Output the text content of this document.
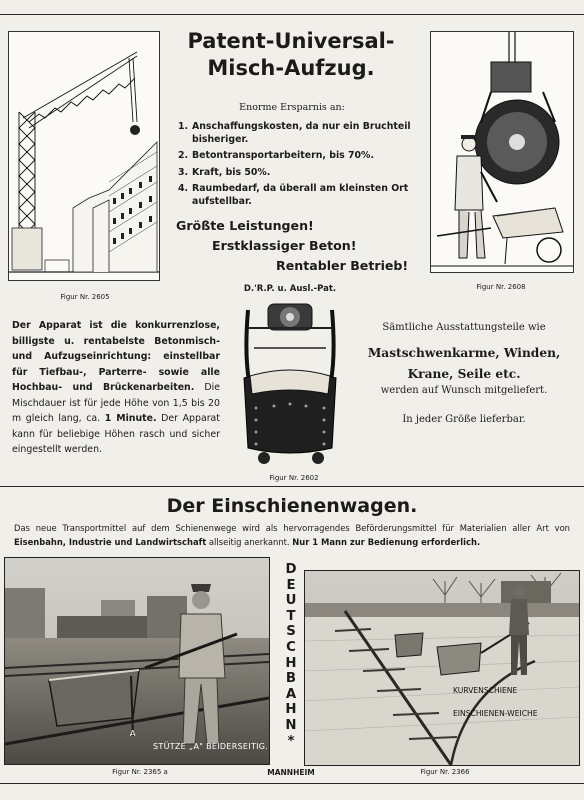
Figur Nr. 2605
Figur Nr. 2608
Patent-Universal-
Misch-Aufzug.
Enorme Ersparnis an:
1. Anschaffungskosten, da nur ein Bruchteil bisheriger.
2. Betontransportarbeitern, bis 70%.
3. Kraft, bis 50%.
4. Raumbedarf, da überall am kleinsten Ort aufstellbar.
Größte Leistungen!
Erstklassiger Beton!
Rentabler Betrieb!
D.'R.P. u. Ausl.-Pat.
Der Apparat ist die konkurrenzlose, billigste u. rentabelste Betonmisch- und Aufzugseinrichtung: einstellbar für Tiefbau-, Parterre- sowie alle Hochbau- und Brückenarbeiten. Die Mischdauer ist für jede Höhe von 1,5 bis 20 m gleich lang, ca. 1 Minute. Der Apparat kann für beliebige Höhen rasch und sicher eingestellt werden.
Figur Nr. 2602
Sämtliche Ausstattungsteile wie
Mastschwenkarme, Winden,
Krane, Seile etc.
werden auf Wunsch mitgeliefert.
In jeder Größe lieferbar.
Der Einschienenwagen.
Das neue Transportmittel auf dem Schienenwege wird als hervorragendes Beförderungsmittel für Materialien aller Art von Eisenbahn, Industrie und Landwirtschaft allseitig anerkannt. Nur 1 Mann zur Bedienung erforderlich.
STÜTZE „A" BEIDERSEITIG.
A
Figur Nr. 2365 a
D
E
U
T
S
C
H
B
A
H
N
*
MANNHEIM
KURVENSCHIENE
EINSCHIENEN-WEICHE
Figur Nr. 2366
